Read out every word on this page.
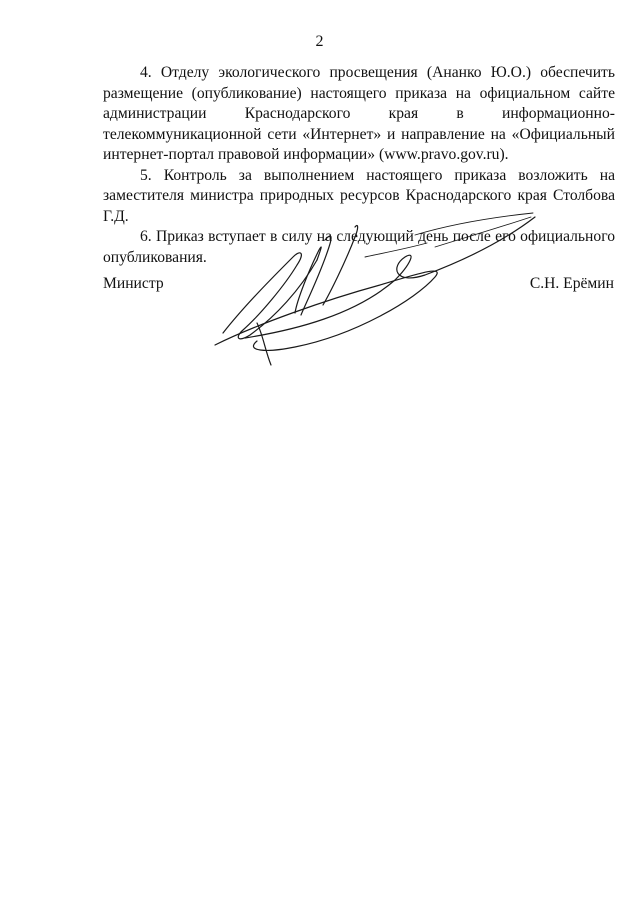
2

4. Отделу экологического просвещения (Ананко Ю.О.) обеспечить размещение (опубликование) настоящего приказа на официальном сайте администрации Краснодарского края в информационно-телекоммуникационной сети «Интернет» и направление на «Официальный интернет-портал правовой информации» (www.pravo.gov.ru).

5. Контроль за выполнением настоящего приказа возложить на заместителя министра природных ресурсов Краснодарского края Столбова Г.Д.

6. Приказ вступает в силу на следующий день после его официального опубликования.

Министр	С.Н. Ерёмин
